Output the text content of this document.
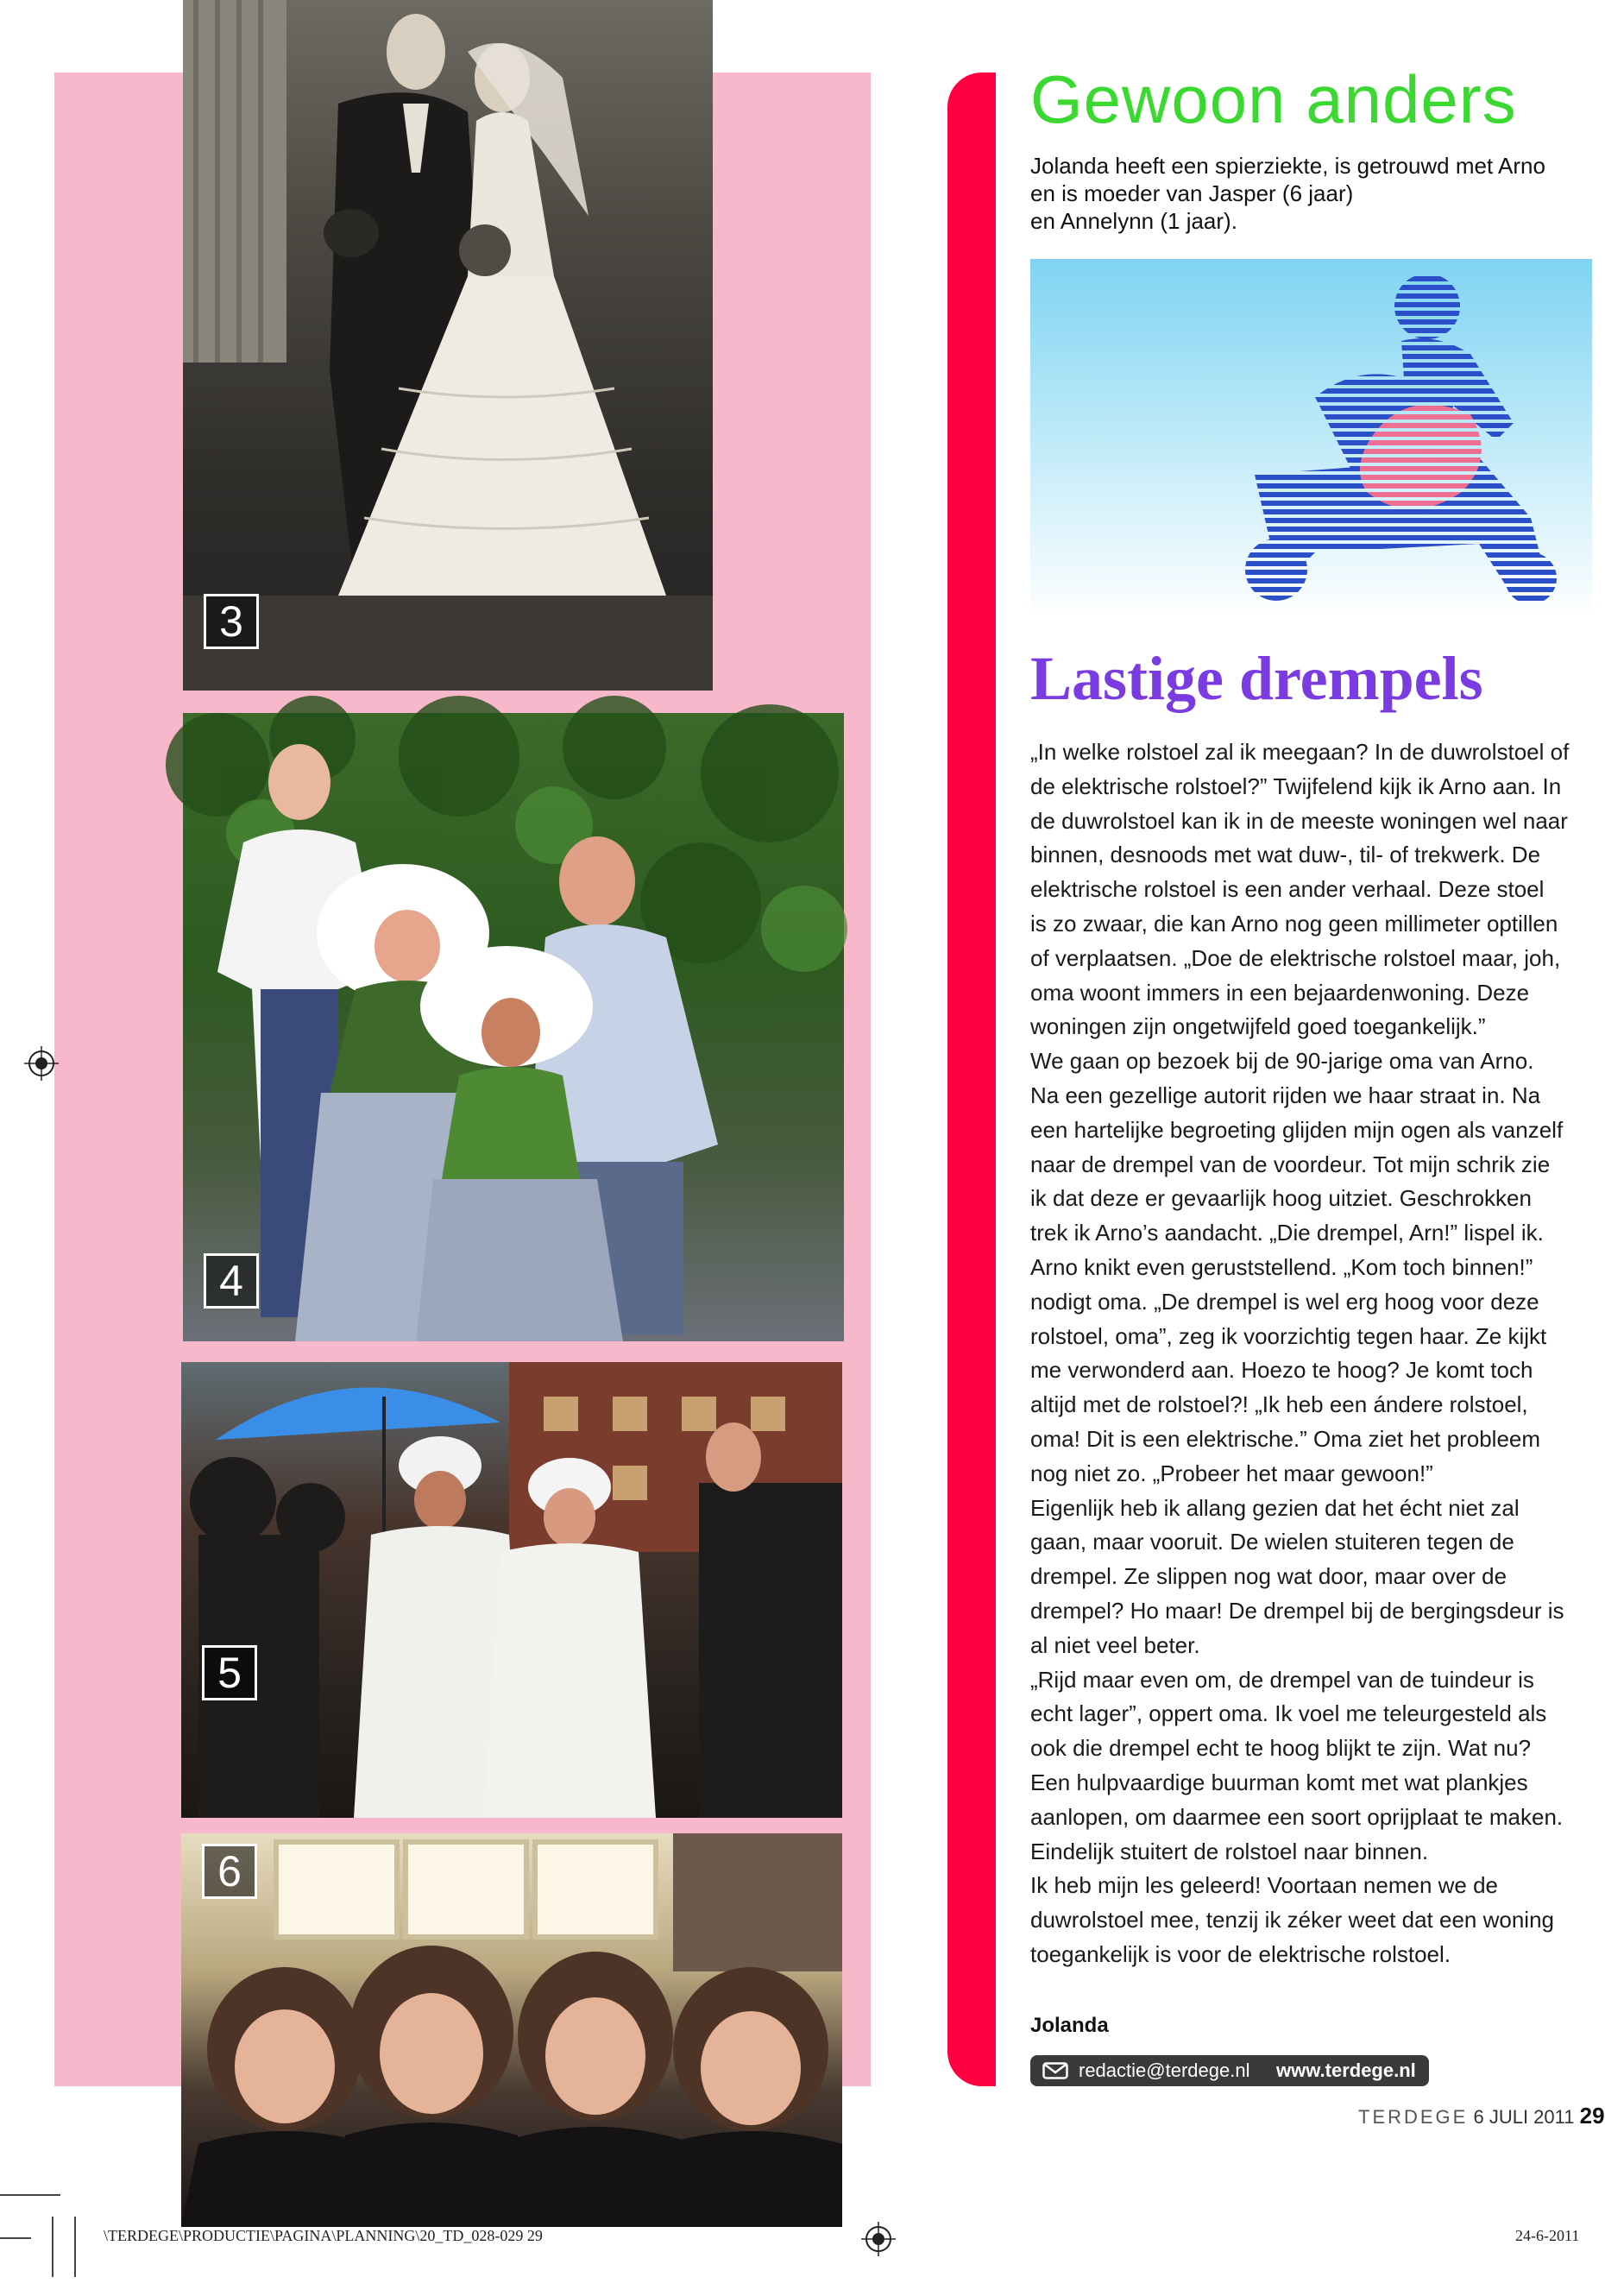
3
4
5
6
Gewoon anders
Jolanda heeft een spierziekte, is getrouwd met Arno
en is moeder van Jasper (6 jaar)
en Annelynn (1 jaar).
Lastige drempels
„In welke rolstoel zal ik meegaan? In de duwrolstoel of
de elektrische rolstoel?” Twijfelend kijk ik Arno aan. In
de duwrolstoel kan ik in de meeste woningen wel naar
binnen, desnoods met wat duw-, til- of trekwerk. De
elektrische rolstoel is een ander verhaal. Deze stoel
is zo zwaar, die kan Arno nog geen millimeter optillen
of verplaatsen. „Doe de elektrische rolstoel maar, joh,
oma woont immers in een bejaardenwoning. Deze
woningen zijn ongetwijfeld goed toegankelijk.”
We gaan op bezoek bij de 90-jarige oma van Arno.
Na een gezellige autorit rijden we haar straat in. Na
een hartelijke begroeting glijden mijn ogen als vanzelf
naar de drempel van de voordeur. Tot mijn schrik zie
ik dat deze er gevaarlijk hoog uitziet. Geschrokken
trek ik Arno’s aandacht. „Die drempel, Arn!” lispel ik.
Arno knikt even geruststellend. „Kom toch binnen!”
nodigt oma. „De drempel is wel erg hoog voor deze
rolstoel, oma”, zeg ik voorzichtig tegen haar. Ze kijkt
me verwonderd aan. Hoezo te hoog? Je komt toch
altijd met de rolstoel?! „Ik heb een ándere rolstoel,
oma! Dit is een elektrische.” Oma ziet het probleem
nog niet zo. „Probeer het maar gewoon!”
Eigenlijk heb ik allang gezien dat het écht niet zal
gaan, maar vooruit. De wielen stuiteren tegen de
drempel. Ze slippen nog wat door, maar over de
drempel? Ho maar! De drempel bij de bergingsdeur is
al niet veel beter.
„Rijd maar even om, de drempel van de tuindeur is
echt lager”, oppert oma. Ik voel me teleurgesteld als
ook die drempel echt te hoog blijkt te zijn. Wat nu?
Een hulpvaardige buurman komt met wat plankjes
aanlopen, om daarmee een soort oprijplaat te maken.
Eindelijk stuitert de rolstoel naar binnen.
Ik heb mijn les geleerd! Voortaan nemen we de
duwrolstoel mee, tenzij ik zéker weet dat een woning
toegankelijk is voor de elektrische rolstoel.
Jolanda
redactie@terdege.nl www.terdege.nl
TERDEGE 6 JULI 2011 29
\TERDEGE\PRODUCTIE\PAGINA\PLANNING\20_TD_028-029 29	24-6-2011
